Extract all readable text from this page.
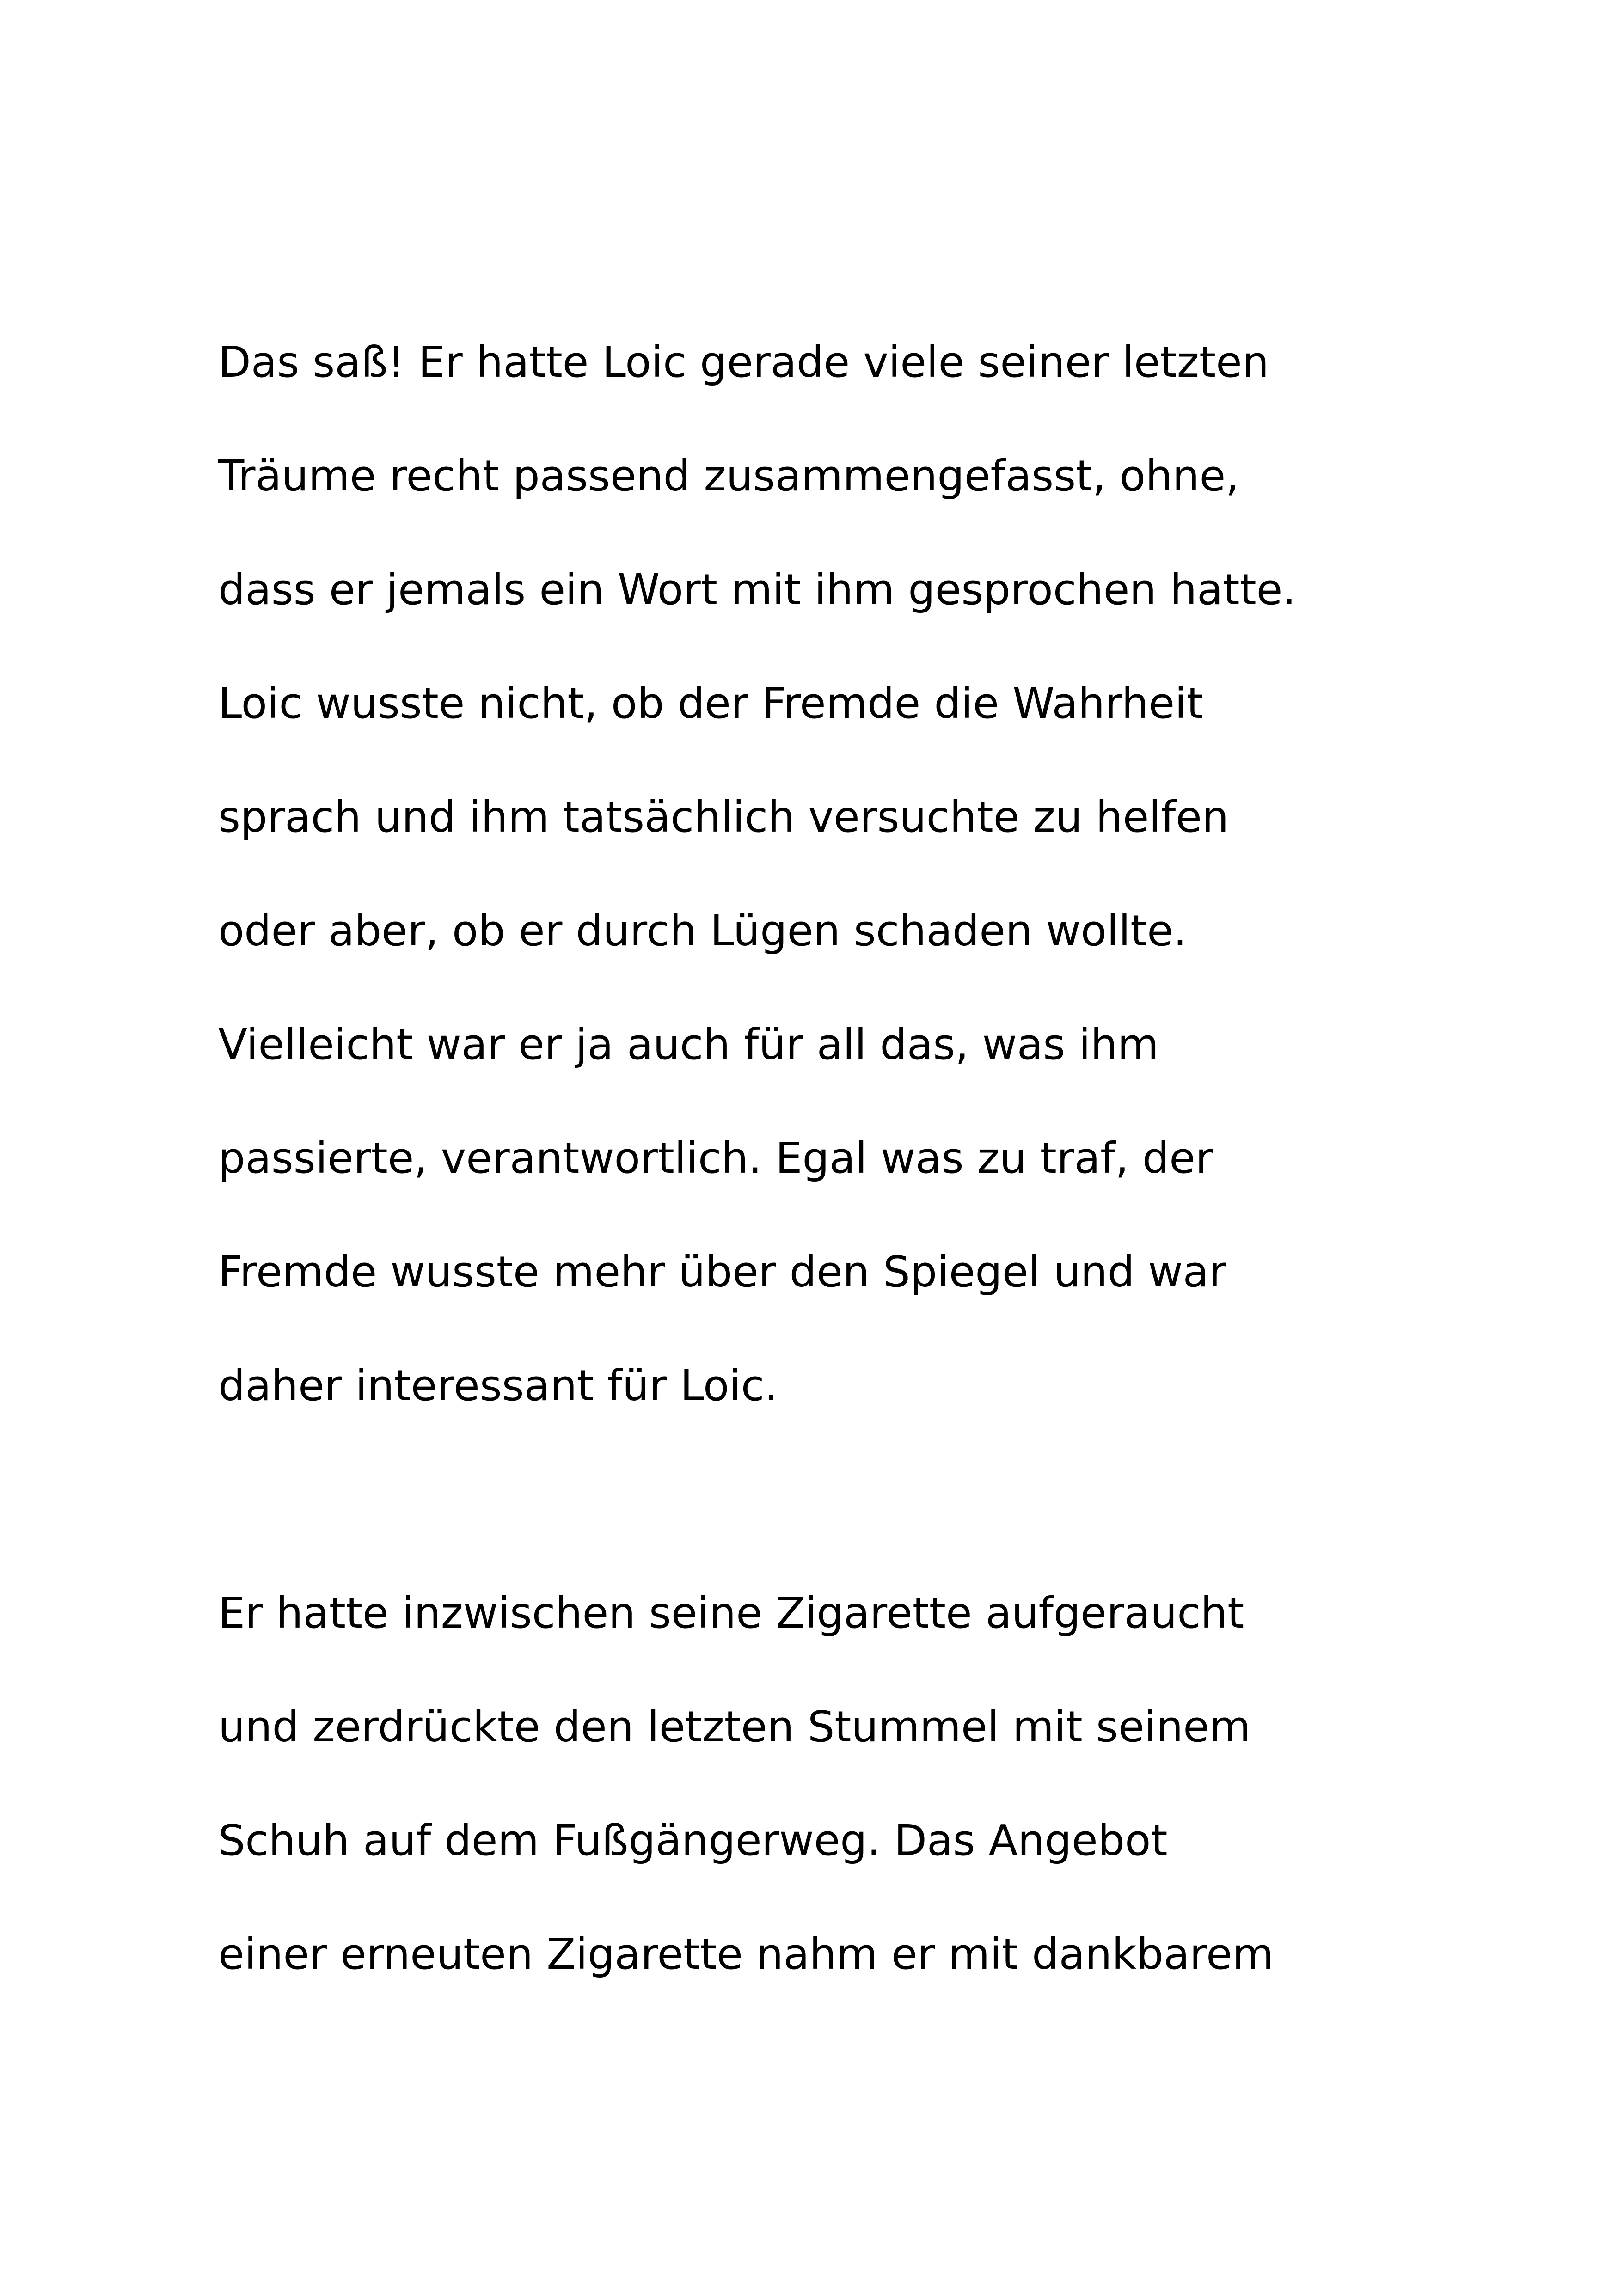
Das saß! Er hatte Loic gerade viele seiner letzten

Träume recht passend zusammengefasst, ohne,

dass er jemals ein Wort mit ihm gesprochen hatte.

Loic wusste nicht, ob der Fremde die Wahrheit

sprach und ihm tatsächlich versuchte zu helfen

oder aber, ob er durch Lügen schaden wollte.

Vielleicht war er ja auch für all das, was ihm

passierte, verantwortlich. Egal was zu traf, der

Fremde wusste mehr über den Spiegel und war

daher interessant für Loic.

Er hatte inzwischen seine Zigarette aufgeraucht

und zerdrückte den letzten Stummel mit seinem

Schuh auf dem Fußgängerweg. Das Angebot

einer erneuten Zigarette nahm er mit dankbarem
